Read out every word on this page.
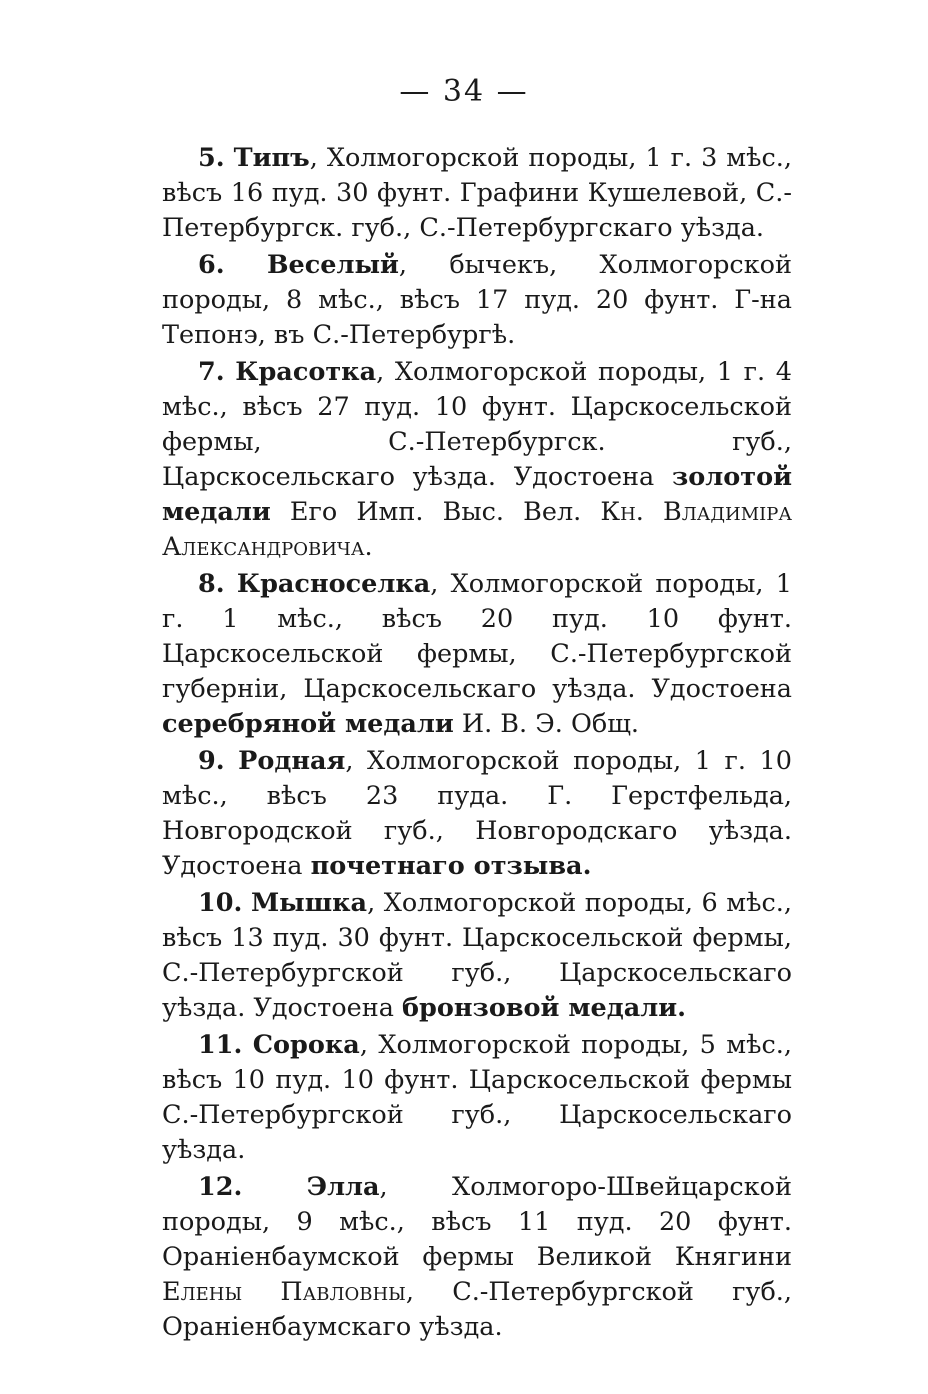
— 34 —

5. Типъ, Холмогорской породы, 1 г. 3 мѣс., вѣсъ 16 пуд. 30 фунт. Графини Кушелевой, С.-Петербургск. губ., С.-Петербургскаго уѣзда.

6. Веселый, бычекъ, Холмогорской породы, 8 мѣс., вѣсъ 17 пуд. 20 фунт. Г-на Тепонэ, въ С.-Петербургѣ.

7. Красотка, Холмогорской породы, 1 г. 4 мѣс., вѣсъ 27 пуд. 10 фунт. Царскосельской фермы, С.-Петербургск. губ., Царскосельскаго уѣзда. Удостоена золотой медали Его Имп. Выс. Вел. Кн. Владиміра Александровича.

8. Красноселка, Холмогорской породы, 1 г. 1 мѣс., вѣсъ 20 пуд. 10 фунт. Царскосельской фермы, С.-Петербургской губерніи, Царскосельскаго уѣзда. Удостоена серебряной медали И. В. Э. Общ.

9. Родная, Холмогорской породы, 1 г. 10 мѣс., вѣсъ 23 пуда. Г. Герстфельда, Новгородской губ., Новгородскаго уѣзда. Удостоена почетнаго отзыва.

10. Мышка, Холмогорской породы, 6 мѣс., вѣсъ 13 пуд. 30 фунт. Царскосельской фермы, С.-Петербургской губ., Царскосельскаго уѣзда. Удостоена бронзовой медали.

11. Сорока, Холмогорской породы, 5 мѣс., вѣсъ 10 пуд. 10 фунт. Царскосельской фермы С.-Петербургской губ., Царскосельскаго уѣзда.

12.	Элла, Холмогоро-Швейцарской породы, 9 мѣс., вѣсъ 11 пуд. 20 фунт. Ораніенбаумской фермы Великой Княгини Елены Павловны, С.-Петербургской губ., Ораніенбаумскаго уѣзда.
